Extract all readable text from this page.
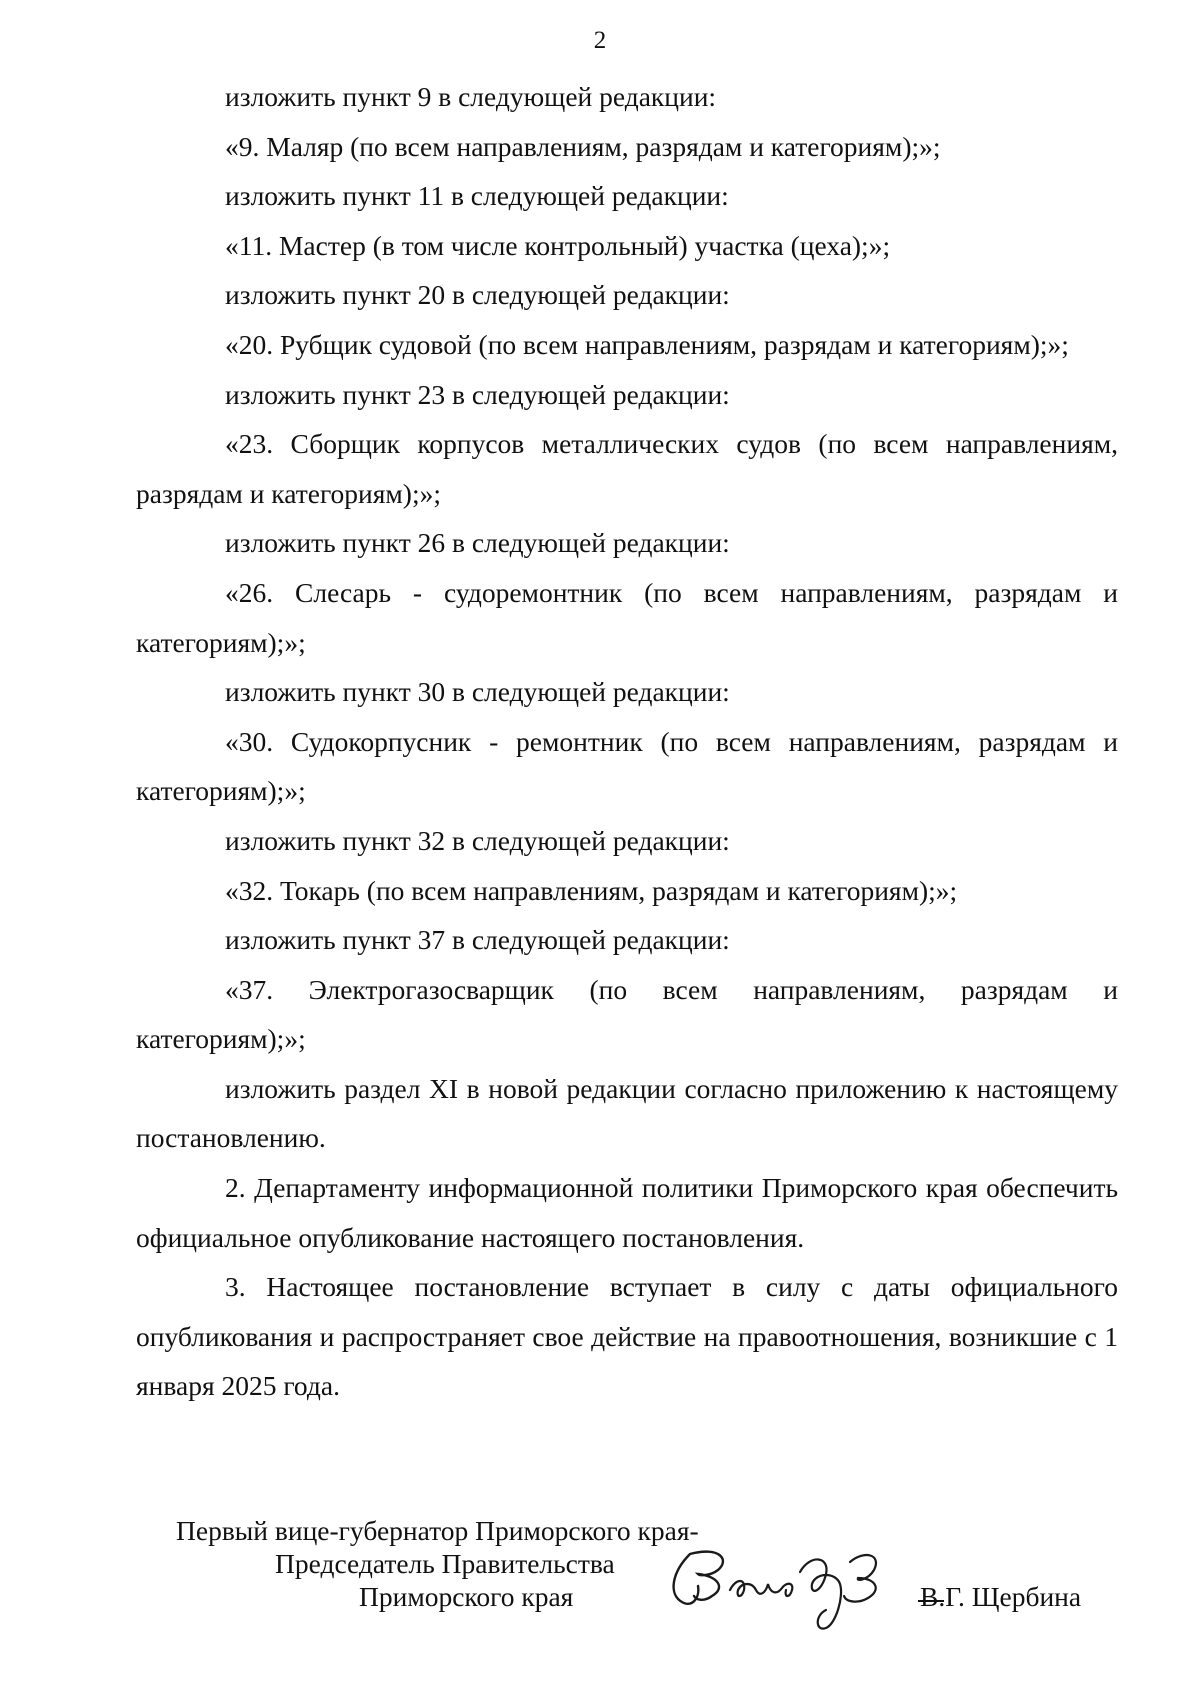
2

изложить пункт 9 в следующей редакции:

«9. Маляр (по всем направлениям, разрядам и категориям);»;

изложить пункт 11 в следующей редакции:

«11. Мастер (в том числе контрольный) участка (цеха);»;

изложить пункт 20 в следующей редакции:

«20. Рубщик судовой (по всем направлениям, разрядам и категориям);»;

изложить пункт 23 в следующей редакции:

«23. Сборщик корпусов металлических судов (по всем направлениям, разрядам и категориям);»;

изложить пункт 26 в следующей редакции:

«26. Слесарь - судоремонтник (по всем направлениям, разрядам и категориям);»;

изложить пункт 30 в следующей редакции:

«30. Судокорпусник - ремонтник (по всем направлениям, разрядам и категориям);»;

изложить пункт 32 в следующей редакции:

«32. Токарь (по всем направлениям, разрядам и категориям);»;

изложить пункт 37 в следующей редакции:

«37. Электрогазосварщик (по всем направлениям, разрядам и категориям);»;

изложить раздел XI в новой редакции согласно приложению к настоящему постановлению.

2. Департаменту информационной политики Приморского края обеспечить официальное опубликование настоящего постановления.

3. Настоящее постановление вступает в силу с даты официального опубликования и распространяет свое действие на правоотношения, возникшие с 1 января 2025 года.

Первый вице-губернатор Приморского края-
Председатель Правительства
Приморского края	В.Г. Щербина
